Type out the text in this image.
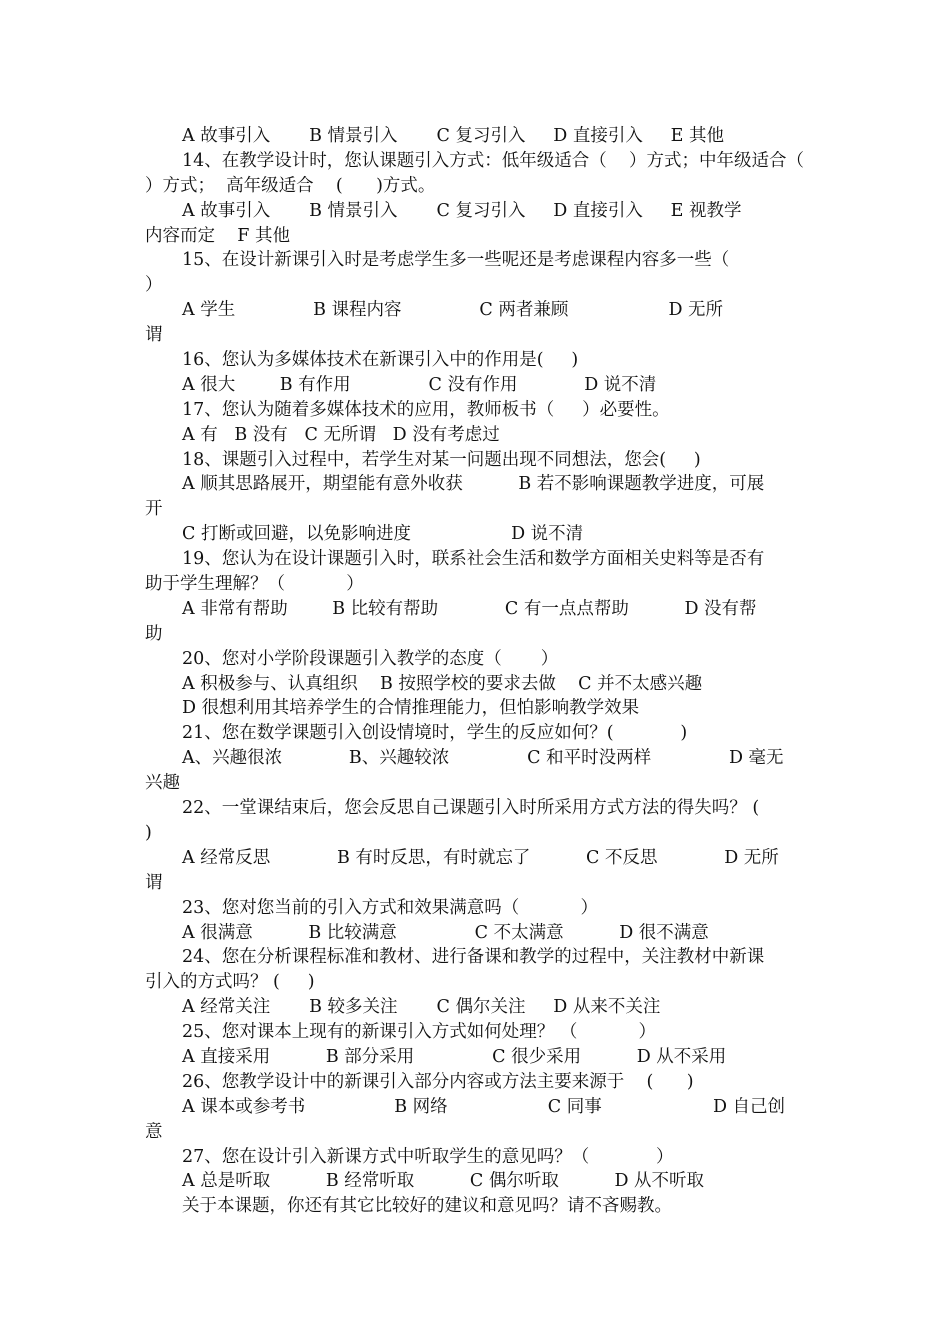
A 故事引入       B 情景引入       C 复习引入     D 直接引入     E 其他
14、在教学设计时，您认课题引入方式：低年级适合（    ）方式；中年级适合（
）方式；  高年级适合    (      )方式。
A 故事引入       B 情景引入       C 复习引入     D 直接引入     E 视教学
内容而定    F 其他
15、在设计新课引入时是考虑学生多一些呢还是考虑课程内容多一些（
）
A 学生              B 课程内容              C 两者兼顾                  D 无所
谓
16、您认为多媒体技术在新课引入中的作用是(     )
A 很大        B 有作用              C 没有作用            D 说不清
17、您认为随着多媒体技术的应用，教师板书（     ）必要性。
A 有   B 没有   C 无所谓   D 没有考虑过
18、课题引入过程中，若学生对某一问题出现不同想法，您会(     )
A 顺其思路展开，期望能有意外收获          B 若不影响课题教学进度，可展
开
C 打断或回避，以免影响进度                  D 说不清
19、您认为在设计课题引入时，联系社会生活和数学方面相关史料等是否有
助于学生理解？（           ）
A 非常有帮助        B 比较有帮助            C 有一点点帮助          D 没有帮
助
20、您对小学阶段课题引入教学的态度（       ）
A 积极参与、认真组织    B 按照学校的要求去做    C 并不太感兴趣
D 很想利用其培养学生的合情推理能力，但怕影响教学效果
21、您在数学课题引入创设情境时，学生的反应如何？(            )
A、兴趣很浓            B、兴趣较浓              C 和平时没两样              D 毫无
兴趣
22、一堂课结束后，您会反思自己课题引入时所采用方式方法的得失吗？ (
)
A 经常反思            B 有时反思，有时就忘了          C 不反思            D 无所
谓
23、您对您当前的引入方式和效果满意吗（           ）
A 很满意          B 比较满意              C 不太满意          D 很不满意
24、您在分析课程标准和教材、进行备课和教学的过程中，关注教材中新课
引入的方式吗？ (     )
A 经常关注       B 较多关注       C 偶尔关注     D 从来不关注
25、您对课本上现有的新课引入方式如何处理？ （           ）
A 直接采用          B 部分采用              C 很少采用          D 从不采用
26、您教学设计中的新课引入部分内容或方法主要来源于    (      )
A 课本或参考书                B 网络                  C 同事                    D 自己创
意
27、您在设计引入新课方式中听取学生的意见吗？（            ）
A 总是听取          B 经常听取          C 偶尔听取          D 从不听取
关于本课题，你还有其它比较好的建议和意见吗？请不吝赐教。
